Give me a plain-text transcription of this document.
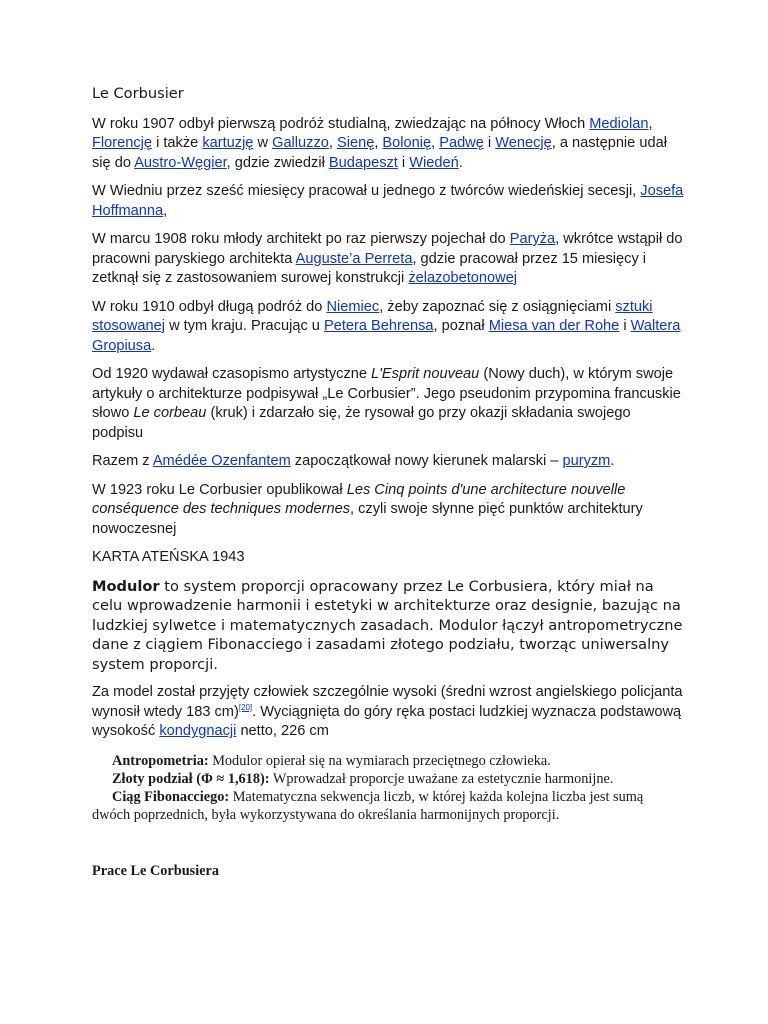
Le Corbusier

W roku 1907 odbył pierwszą podróż studialną, zwiedzając na północy Włoch Mediolan, Florencję i także kartuzję w Galluzzo, Sienę, Bolonię, Padwę i Wenecję, a następnie udał się do Austro-Węgier, gdzie zwiedził Budapeszt i Wiedeń.

W Wiedniu przez sześć miesięcy pracował u jednego z twórców wiedeńskiej secesji, Josefa Hoffmanna,

W marcu 1908 roku młody architekt po raz pierwszy pojechał do Paryża, wkrótce wstąpił do pracowni paryskiego architekta Auguste’a Perreta, gdzie pracował przez 15 miesięcy i zetknął się z zastosowaniem surowej konstrukcji żelazobetonowej

W roku 1910 odbył długą podróż do Niemiec, żeby zapoznać się z osiągnięciami sztuki stosowanej w tym kraju. Pracując u Petera Behrensa, poznał Miesa van der Rohe i Waltera Gropiusa.

Od 1920 wydawał czasopismo artystyczne L'Esprit nouveau (Nowy duch), w którym swoje artykuły o architekturze podpisywał „Le Corbusier”. Jego pseudonim przypomina francuskie słowo Le corbeau (kruk) i zdarzało się, że rysował go przy okazji składania swojego podpisu

Razem z Amédée Ozenfantem zapoczątkował nowy kierunek malarski – puryzm.

W 1923 roku Le Corbusier opublikował Les Cinq points d'une architecture nouvelle conséquence des techniques modernes, czyli swoje słynne pięć punktów architektury nowoczesnej

KARTA ATEŃSKA 1943

Modulor to system proporcji opracowany przez Le Corbusiera, który miał na celu wprowadzenie harmonii i estetyki w architekturze oraz designie, bazując na ludzkiej sylwetce i matematycznych zasadach. Modulor łączył antropometryczne dane z ciągiem Fibonacciego i zasadami złotego podziału, tworząc uniwersalny system proporcji.

Za model został przyjęty człowiek szczególnie wysoki (średni wzrost angielskiego policjanta wynosił wtedy 183 cm)[20]. Wyciągnięta do góry ręka postaci ludzkiej wyznacza podstawową wysokość kondygnacji netto, 226 cm

Antropometria: Modulor opierał się na wymiarach przeciętnego człowieka.

Złoty podział (Φ ≈ 1,618): Wprowadzał proporcje uważane za estetycznie harmonijne.

Ciąg Fibonacciego: Matematyczna sekwencja liczb, w której każda kolejna liczba jest sumą dwóch poprzednich, była wykorzystywana do określania harmonijnych proporcji.

Prace Le Corbusiera
